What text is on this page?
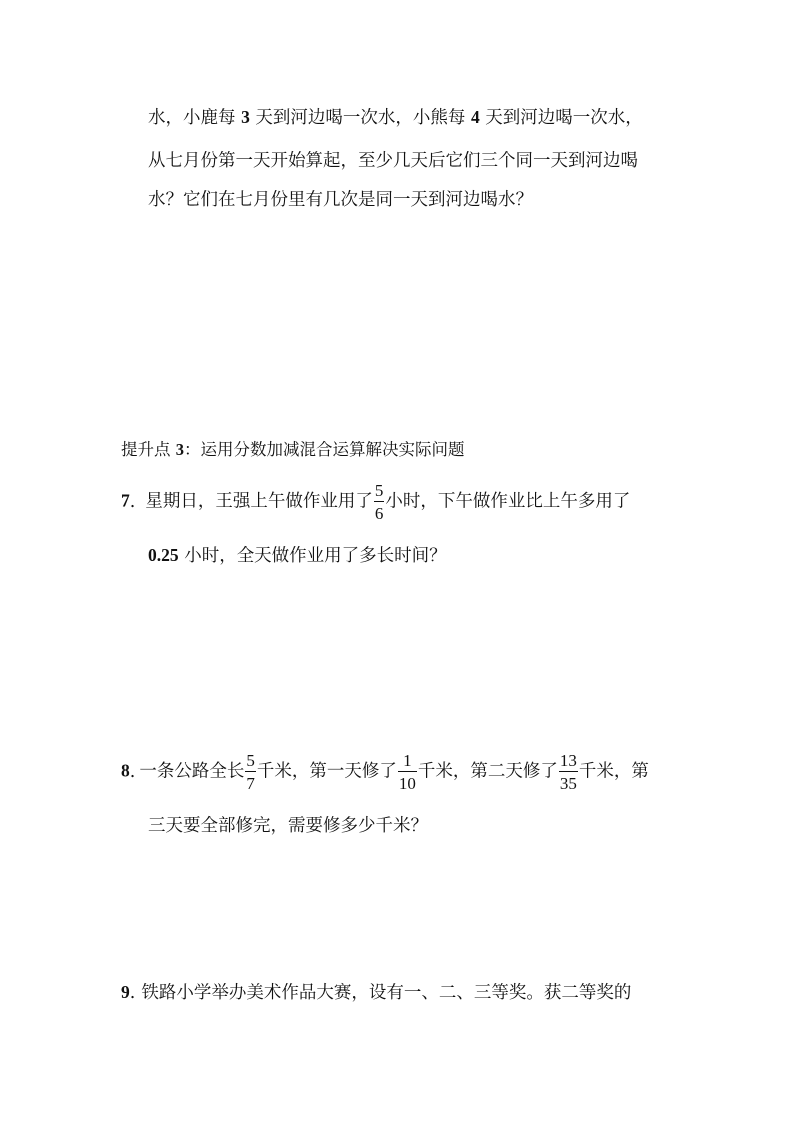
水，小鹿每 3 天到河边喝一次水，小熊每 4 天到河边喝一次水，
从七月份第一天开始算起，至少几天后它们三个同一天到河边喝
水？它们在七月份里有几次是同一天到河边喝水？
提升点 3：运用分数加减混合运算解决实际问题
7. 星期日，王强上午做作业用了 $\frac{5}{6}$ 小时，下午做作业比上午多用了
0.25 小时，全天做作业用了多长时间？
8. 一条公路全长 $\frac{5}{7}$ 千米，第一天修了 $\frac{1}{10}$ 千米，第二天修了 $\frac{13}{35}$ 千米，第
三天要全部修完，需要修多少千米？
9. 铁路小学举办美术作品大赛，设有一、二、三等奖。获二等奖的
